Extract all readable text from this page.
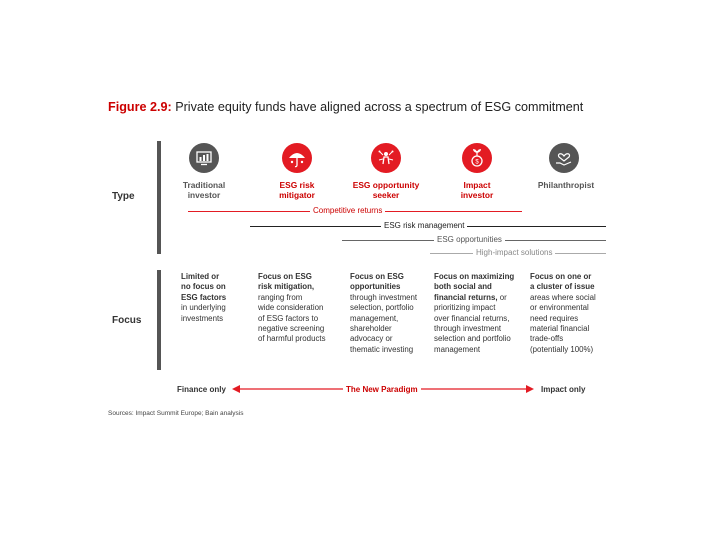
Figure 2.9: Private equity funds have aligned across a spectrum of ESG commitment
Type
Focus
$
Traditional
investor
ESG risk
mitigator
ESG opportunity
seeker
Impact
investor
Philanthropist
Competitive returns
ESG risk management
ESG opportunities
High-impact solutions
Limited or
no focus on
ESG factors
in underlying
investments
Focus on ESG
risk mitigation,
ranging from
wide consideration
of ESG factors to
negative screening
of harmful products
Focus on ESG
opportunities
through investment
selection, portfolio
management,
shareholder
advocacy or
thematic investing
Focus on maximizing
both social and
financial returns, or
prioritizing impact
over financial returns,
through investment
selection and portfolio
management
Focus on one or
a cluster of issue
areas where social
or environmental
need requires
material financial
trade-offs
(potentially 100%)
Finance only	The New Paradigm	Impact only
Sources: Impact Summit Europe; Bain analysis
